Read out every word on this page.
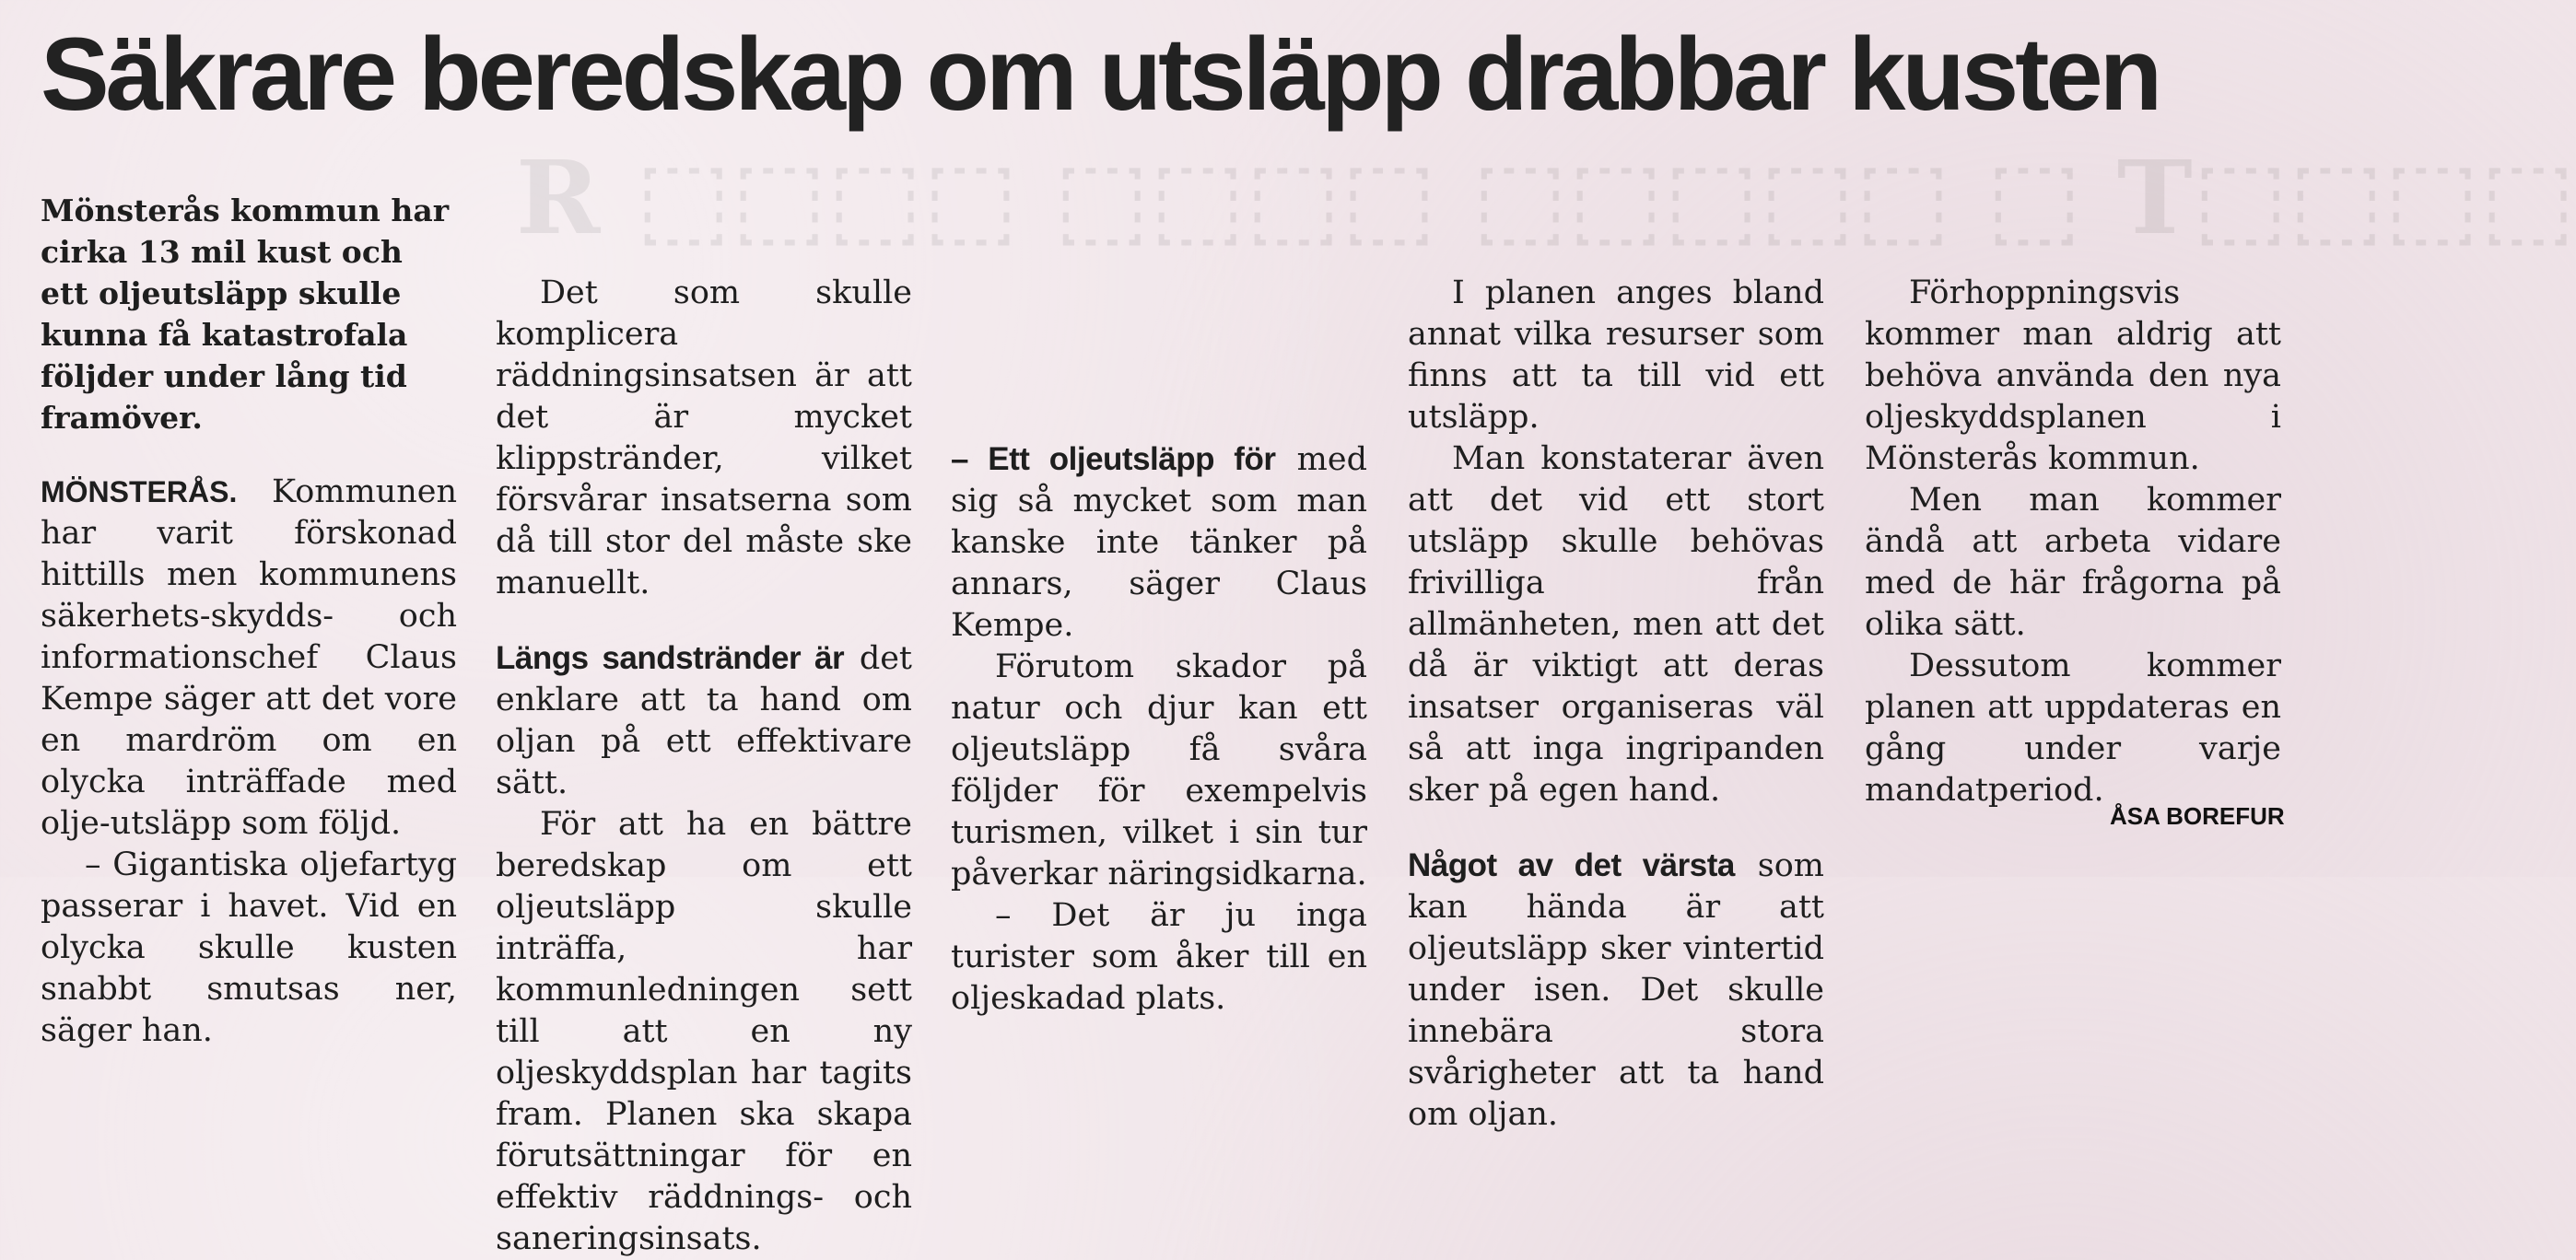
R ⬚⬚⬚⬚ ⬚⬚⬚⬚ ⬚⬚⬚⬚⬚ ⬚ T⬚⬚⬚⬚
Säkrare beredskap om utsläpp drabbar kusten

Mönsterås kommun har cirka 13 mil kust och ett oljeutsläpp skulle kunna få katastrofala följder under lång tid framöver.

MÖNSTERÅS. Kommunen har varit förskonad hittills men kommunens säkerhets-skydds- och informationschef Claus Kempe säger att det vore en mardröm om en olycka inträffade med olje-utsläpp som följd.

– Gigantiska oljefartyg passerar i havet. Vid en olycka skulle kusten snabbt smutsas ner, säger han.

Det som skulle komplicera räddningsinsatsen är att det är mycket klippstränder, vilket försvårar insatserna som då till stor del måste ske manuellt.

Längs sandstränder är det enklare att ta hand om oljan på ett effektivare sätt.

För att ha en bättre beredskap om ett oljeutsläpp skulle inträffa, har kommunledningen sett till att en ny oljeskyddsplan har tagits fram. Planen ska skapa förutsättningar för en effektiv räddnings- och saneringsinsats.

– Ett oljeutsläpp för med sig så mycket som man kanske inte tänker på annars, säger Claus Kempe.

Förutom skador på natur och djur kan ett oljeutsläpp få svåra följder för exempelvis turismen, vilket i sin tur påverkar näringsidkarna.

– Det är ju inga turister som åker till en oljeskadad plats.

I planen anges bland annat vilka resurser som finns att ta till vid ett utsläpp.

Man konstaterar även att det vid ett stort utsläpp skulle behövas frivilliga från allmänheten, men att det då är viktigt att deras insatser organiseras väl så att inga ingripanden sker på egen hand.

Något av det värsta som kan hända är att oljeutsläpp sker vintertid under isen. Det skulle innebära stora svårigheter att ta hand om oljan.

Förhoppningsvis kommer man aldrig att behöva använda den nya oljeskyddsplanen i Mönsterås kommun.

Men man kommer ändå att arbeta vidare med de här frågorna på olika sätt.

Dessutom kommer planen att uppdateras en gång under varje mandatperiod.

ÅSA BOREFUR
